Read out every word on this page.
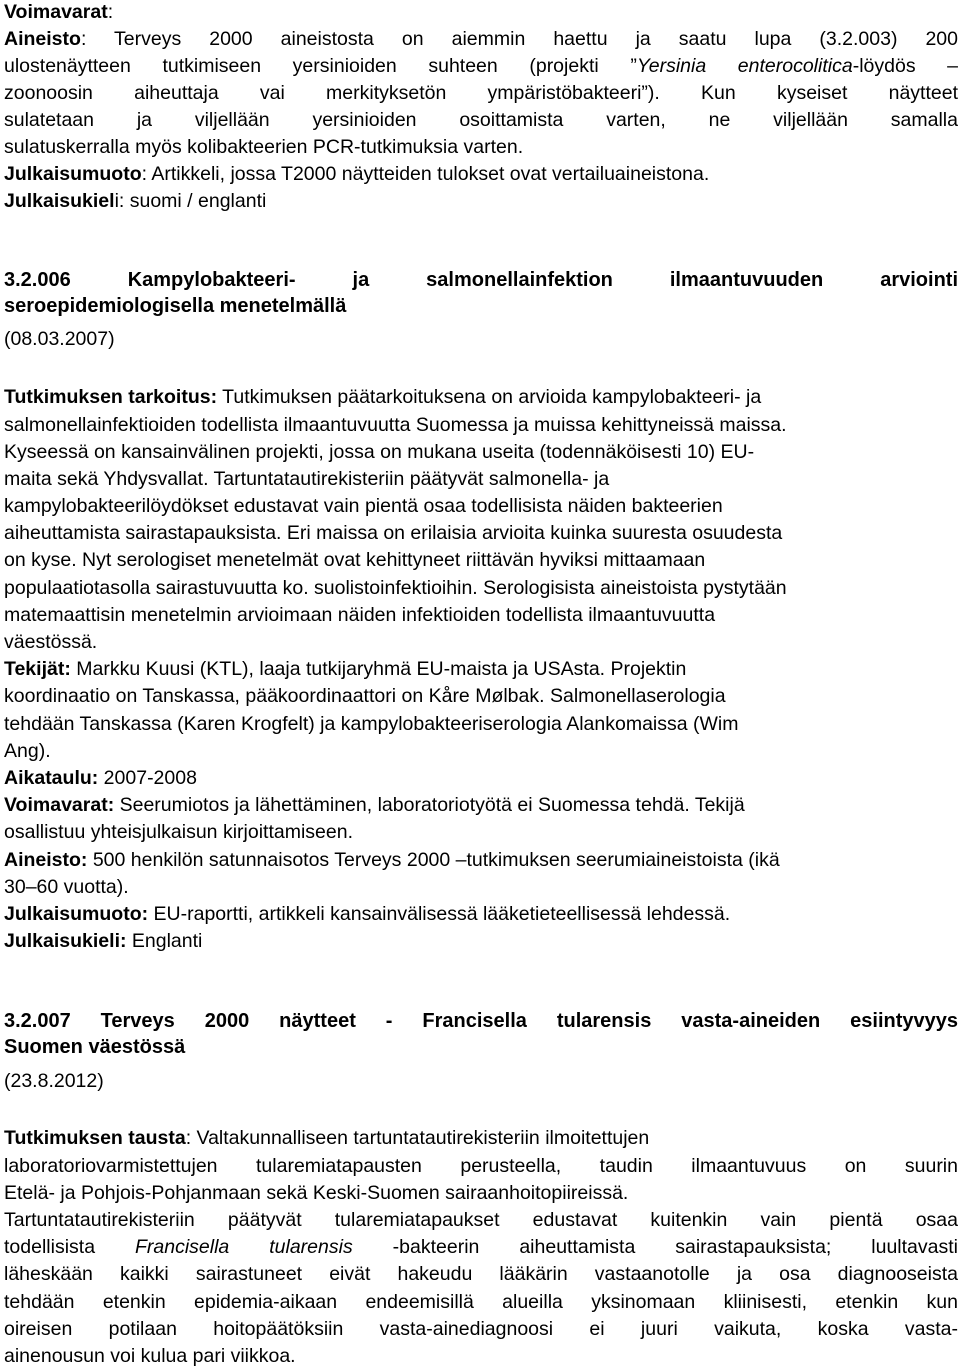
Voimavarat:
Aineisto: Terveys 2000 aineistosta on aiemmin haettu ja saatu lupa (3.2.003) 200
ulostenäytteen tutkimiseen yersinioiden suhteen (projekti ”Yersinia enterocolitica-löydös –
zoonoosin aiheuttaja vai merkityksetön ympäristöbakteeri”). Kun kyseiset näytteet
sulatetaan ja viljellään yersinioiden osoittamista varten, ne viljellään samalla
sulatuskerralla myös kolibakteerien PCR-tutkimuksia varten.
Julkaisumuoto: Artikkeli, jossa T2000 näytteiden tulokset ovat vertailuaineistona.
Julkaisukieli: suomi / englanti
3.2.006 Kampylobakteeri- ja salmonellainfektion ilmaantuvuuden arviointi
seroepidemiologisella menetelmällä
(08.03.2007)
Tutkimuksen tarkoitus: Tutkimuksen päätarkoituksena on arvioida kampylobakteeri- ja
salmonellainfektioiden todellista ilmaantuvuutta Suomessa ja muissa kehittyneissä maissa.
Kyseessä on kansainvälinen projekti, jossa on mukana useita (todennäköisesti 10) EU-
maita sekä Yhdysvallat. Tartuntatautirekisteriin päätyvät salmonella- ja
kampylobakteerilöydökset edustavat vain pientä osaa todellisista näiden bakteerien
aiheuttamista sairastapauksista. Eri maissa on erilaisia arvioita kuinka suuresta osuudesta
on kyse. Nyt serologiset menetelmät ovat kehittyneet riittävän hyviksi mittaamaan
populaatiotasolla sairastuvuutta ko. suolistoinfektioihin. Serologisista aineistoista pystytään
matemaattisin menetelmin arvioimaan näiden infektioiden todellista ilmaantuvuutta
väestössä.
Tekijät: Markku Kuusi (KTL), laaja tutkijaryhmä EU-maista ja USAsta. Projektin
koordinaatio on Tanskassa, pääkoordinaattori on Kåre Mølbak. Salmonellaserologia
tehdään Tanskassa (Karen Krogfelt) ja kampylobakteeriserologia Alankomaissa (Wim
Ang).
Aikataulu: 2007-2008
Voimavarat: Seerumiotos ja lähettäminen, laboratoriotyötä ei Suomessa tehdä. Tekijä
osallistuu yhteisjulkaisun kirjoittamiseen.
Aineisto: 500 henkilön satunnaisotos Terveys 2000 –tutkimuksen seerumiaineistoista (ikä
30–60 vuotta).
Julkaisumuoto: EU-raportti, artikkeli kansainvälisessä lääketieteellisessä lehdessä.
Julkaisukieli: Englanti
3.2.007 Terveys 2000 näytteet - Francisella tularensis vasta-aineiden esiintyvyys
Suomen väestössä
(23.8.2012)
Tutkimuksen tausta: Valtakunnalliseen tartuntatautirekisteriin ilmoitettujen
laboratoriovarmistettujen tularemiatapausten perusteella, taudin ilmaantuvuus on suurin
Etelä- ja Pohjois-Pohjanmaan sekä Keski-Suomen sairaanhoitopiireissä.
Tartuntatautirekisteriin päätyvät tularemiatapaukset edustavat kuitenkin vain pientä osaa
todellisista Francisella tularensis -bakteerin aiheuttamista sairastapauksista; luultavasti
läheskään kaikki sairastuneet eivät hakeudu lääkärin vastaanotolle ja osa diagnooseista
tehdään etenkin epidemia-aikaan endeemisillä alueilla yksinomaan kliinisesti, etenkin kun
oireisen potilaan hoitopäätöksiin vasta-ainediagnoosi ei juuri vaikuta, koska vasta-
ainenousun voi kulua pari viikkoa.
